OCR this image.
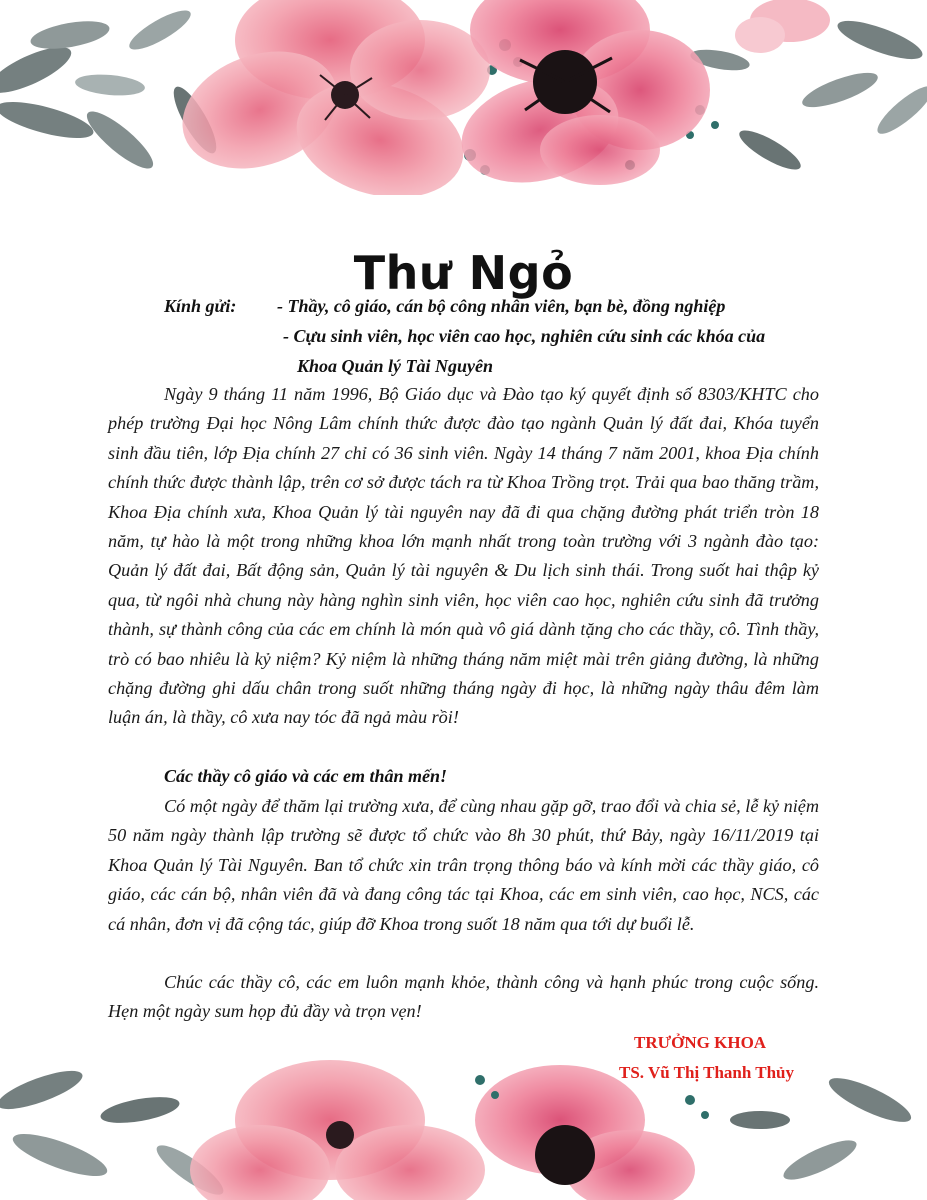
Thư Ngỏ
Kính gửi: - Thầy, cô giáo, cán bộ công nhân viên, bạn bè, đồng nghiệp
- Cựu sinh viên, học viên cao học, nghiên cứu sinh các khóa của
Khoa Quản lý Tài Nguyên

Ngày 9 tháng 11 năm 1996, Bộ Giáo dục và Đào tạo ký quyết định số 8303/KHTC cho phép trường Đại học Nông Lâm chính thức được đào tạo ngành Quản lý đất đai, Khóa tuyển sinh đầu tiên, lớp Địa chính 27 chỉ có 36 sinh viên. Ngày 14 tháng 7 năm 2001, khoa Địa chính chính thức được thành lập, trên cơ sở được tách ra từ Khoa Trồng trọt. Trải qua bao thăng trầm, Khoa Địa chính xưa, Khoa Quản lý tài nguyên nay đã đi qua chặng đường phát triển tròn 18 năm, tự hào là một trong những khoa lớn mạnh nhất trong toàn trường với 3 ngành đào tạo: Quản lý đất đai, Bất động sản, Quản lý tài nguyên & Du lịch sinh thái. Trong suốt hai thập kỷ qua, từ ngôi nhà chung này hàng nghìn sinh viên, học viên cao học, nghiên cứu sinh đã trưởng thành, sự thành công của các em chính là món quà vô giá dành tặng cho các thầy, cô. Tình thầy, trò có bao nhiêu là kỷ niệm? Kỷ niệm là những tháng năm miệt mài trên giảng đường, là những chặng đường ghi dấu chân trong suốt những tháng ngày đi học, là những ngày thâu đêm làm luận án, là thầy, cô xưa nay tóc đã ngả màu rồi!

Các thầy cô giáo và các em thân mến!

Có một ngày để thăm lại trường xưa, để cùng nhau gặp gỡ, trao đổi và chia sẻ, lễ kỷ niệm 50 năm ngày thành lập trường sẽ được tổ chức vào 8h 30 phút, thứ Bảy, ngày 16/11/2019 tại Khoa Quản lý Tài Nguyên. Ban tổ chức xin trân trọng thông báo và kính mời các thầy giáo, cô giáo, các cán bộ, nhân viên đã và đang công tác tại Khoa, các em sinh viên, cao học, NCS, các cá nhân, đơn vị đã cộng tác, giúp đỡ Khoa trong suốt 18 năm qua tới dự buổi lễ.

Chúc các thầy cô, các em luôn mạnh khỏe, thành công và hạnh phúc trong cuộc sống. Hẹn một ngày sum họp đủ đầy và trọn vẹn!

TRƯỞNG KHOA
TS. Vũ Thị Thanh Thủy
